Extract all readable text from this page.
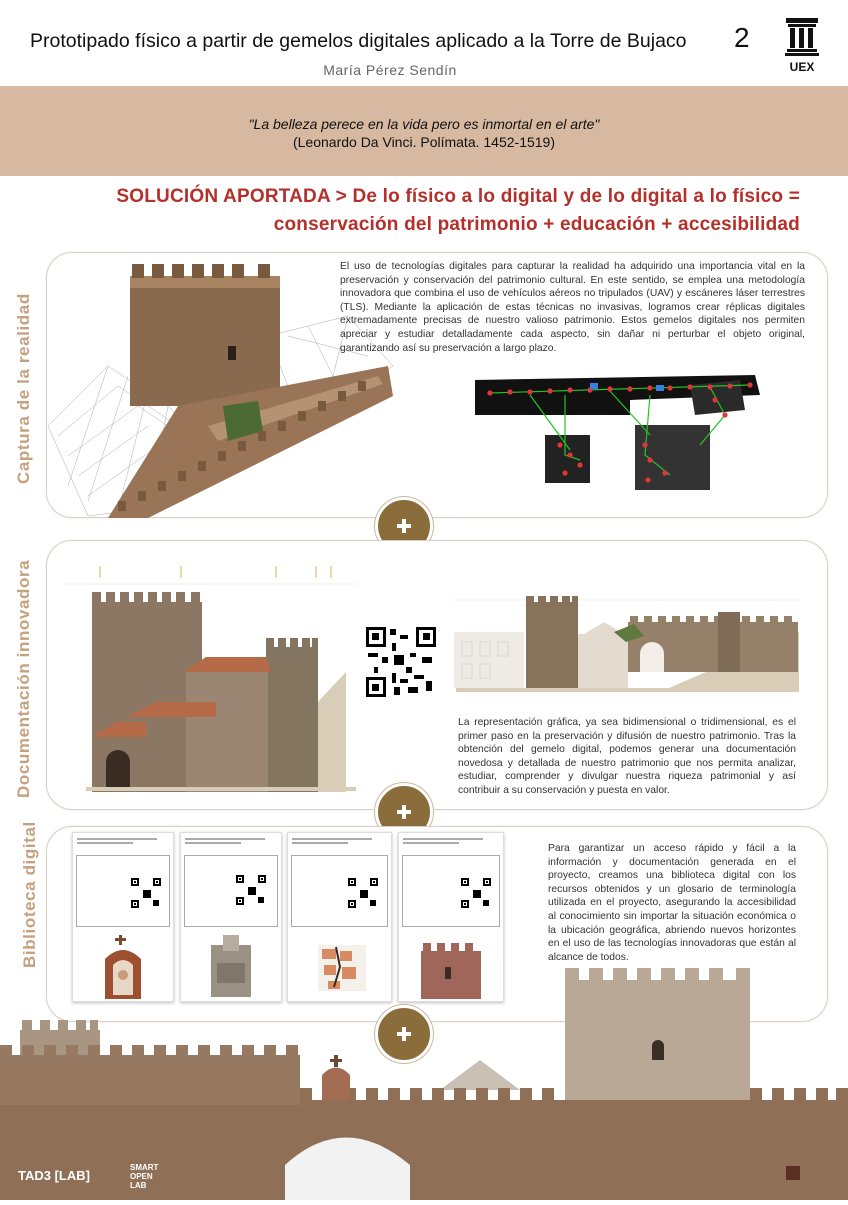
Prototipado físico a partir de gemelos digitales aplicado a la Torre de Bujaco 2
UEX
María Pérez Sendín
"La belleza perece en la vida pero es inmortal en el arte"
(Leonardo Da Vinci. Polímata. 1452-1519)
SOLUCIÓN APORTADA > De lo físico a lo digital y de lo digital a lo físico =
conservación del patrimonio + educación + accesibilidad
Captura de la realidad
El uso de tecnologías digitales para capturar la realidad ha adquirido una importancia vital en la preservación y conservación del patrimonio cultural. En este sentido, se emplea una metodología innovadora que combina el uso de vehículos aéreos no tripulados (UAV) y escáneres láser terrestres (TLS). Mediante la aplicación de estas técnicas no invasivas, logramos crear réplicas digitales extremadamente precisas de nuestro valioso patrimonio. Estos gemelos digitales nos permiten apreciar y estudiar detalladamente cada aspecto, sin dañar ni perturbar el objeto original, garantizando así su preservación a largo plazo.
Documentación innovadora	La representación gráfica, ya sea bidimensional o tridimensional, es el primer paso en la preservación y difusión de nuestro patrimonio. Tras la obtención del gemelo digital, podemos generar una documentación novedosa y detallada de nuestro patrimonio que nos permita analizar, estudiar, comprender y divulgar nuestra riqueza patrimonial y así contribuir a su conservación y puesta en valor.
Biblioteca digital	Para garantizar un acceso rápido y fácil a la información y documentación generada en el proyecto, creamos una biblioteca digital con los recursos obtenidos y un glosario de terminología utilizada en el proyecto, asegurando la accesibilidad al conocimiento sin importar la situación económica o la ubicación geográfica, abriendo nuevos horizontes en el uso de las tecnologías innovadoras que están al alcance de todos.
TAD3 [LAB]
SMART OPEN LAB
